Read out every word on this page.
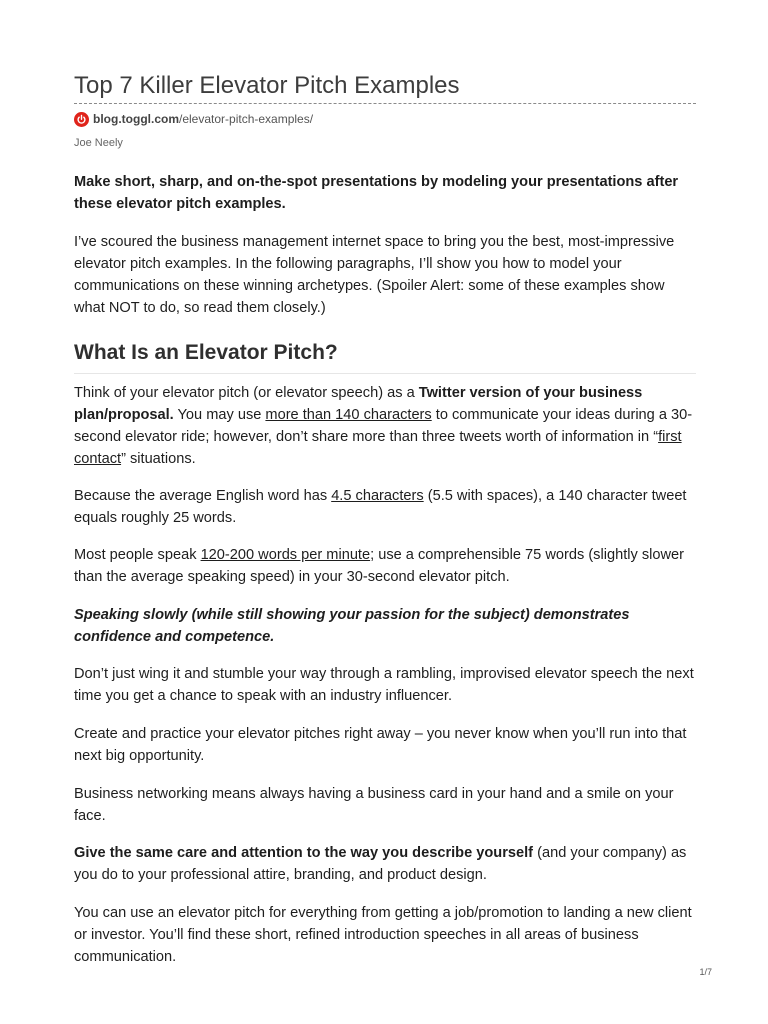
Top 7 Killer Elevator Pitch Examples
blog.toggl.com/elevator-pitch-examples/
Joe Neely

Make short, sharp, and on-the-spot presentations by modeling your presentations after these elevator pitch examples.

I’ve scoured the business management internet space to bring you the best, most-impressive elevator pitch examples. In the following paragraphs, I’ll show you how to model your communications on these winning archetypes. (Spoiler Alert: some of these examples show what NOT to do, so read them closely.)

What Is an Elevator Pitch?

Think of your elevator pitch (or elevator speech) as a Twitter version of your business plan/proposal. You may use more than 140 characters to communicate your ideas during a 30-second elevator ride; however, don’t share more than three tweets worth of information in “first contact” situations.

Because the average English word has 4.5 characters (5.5 with spaces), a 140 character tweet equals roughly 25 words.

Most people speak 120-200 words per minute; use a comprehensible 75 words (slightly slower than the average speaking speed) in your 30-second elevator pitch.

Speaking slowly (while still showing your passion for the subject) demonstrates confidence and competence.

Don’t just wing it and stumble your way through a rambling, improvised elevator speech the next time you get a chance to speak with an industry influencer.

Create and practice your elevator pitches right away – you never know when you’ll run into that next big opportunity.

Business networking means always having a business card in your hand and a smile on your face.

Give the same care and attention to the way you describe yourself (and your company) as you do to your professional attire, branding, and product design.

You can use an elevator pitch for everything from getting a job/promotion to landing a new client or investor. You’ll find these short, refined introduction speeches in all areas of business communication.

1/7
